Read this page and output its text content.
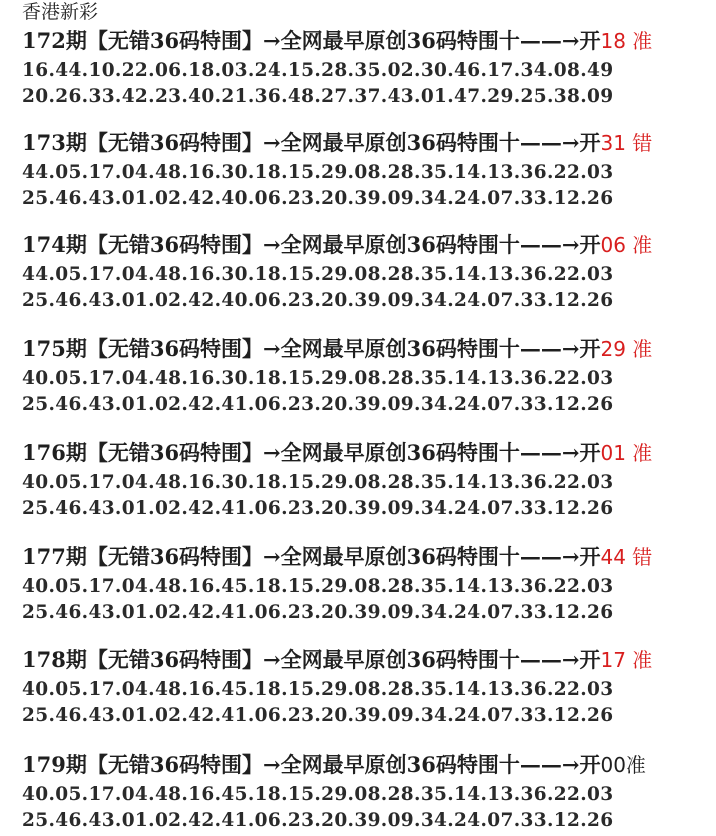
香港新彩
172期【无错36码特围】→全网最早原创36码特围十——→开18 准
16.44.10.22.06.18.03.24.15.28.35.02.30.46.17.34.08.49
20.26.33.42.23.40.21.36.48.27.37.43.01.47.29.25.38.09
173期【无错36码特围】→全网最早原创36码特围十——→开31 错
44.05.17.04.48.16.30.18.15.29.08.28.35.14.13.36.22.03
25.46.43.01.02.42.40.06.23.20.39.09.34.24.07.33.12.26
174期【无错36码特围】→全网最早原创36码特围十——→开06 准
44.05.17.04.48.16.30.18.15.29.08.28.35.14.13.36.22.03
25.46.43.01.02.42.40.06.23.20.39.09.34.24.07.33.12.26
175期【无错36码特围】→全网最早原创36码特围十——→开29 准
40.05.17.04.48.16.30.18.15.29.08.28.35.14.13.36.22.03
25.46.43.01.02.42.41.06.23.20.39.09.34.24.07.33.12.26
176期【无错36码特围】→全网最早原创36码特围十——→开01 准
40.05.17.04.48.16.30.18.15.29.08.28.35.14.13.36.22.03
25.46.43.01.02.42.41.06.23.20.39.09.34.24.07.33.12.26
177期【无错36码特围】→全网最早原创36码特围十——→开44 错
40.05.17.04.48.16.45.18.15.29.08.28.35.14.13.36.22.03
25.46.43.01.02.42.41.06.23.20.39.09.34.24.07.33.12.26
178期【无错36码特围】→全网最早原创36码特围十——→开17 准
40.05.17.04.48.16.45.18.15.29.08.28.35.14.13.36.22.03
25.46.43.01.02.42.41.06.23.20.39.09.34.24.07.33.12.26
179期【无错36码特围】→全网最早原创36码特围十——→开00准
40.05.17.04.48.16.45.18.15.29.08.28.35.14.13.36.22.03
25.46.43.01.02.42.41.06.23.20.39.09.34.24.07.33.12.26
